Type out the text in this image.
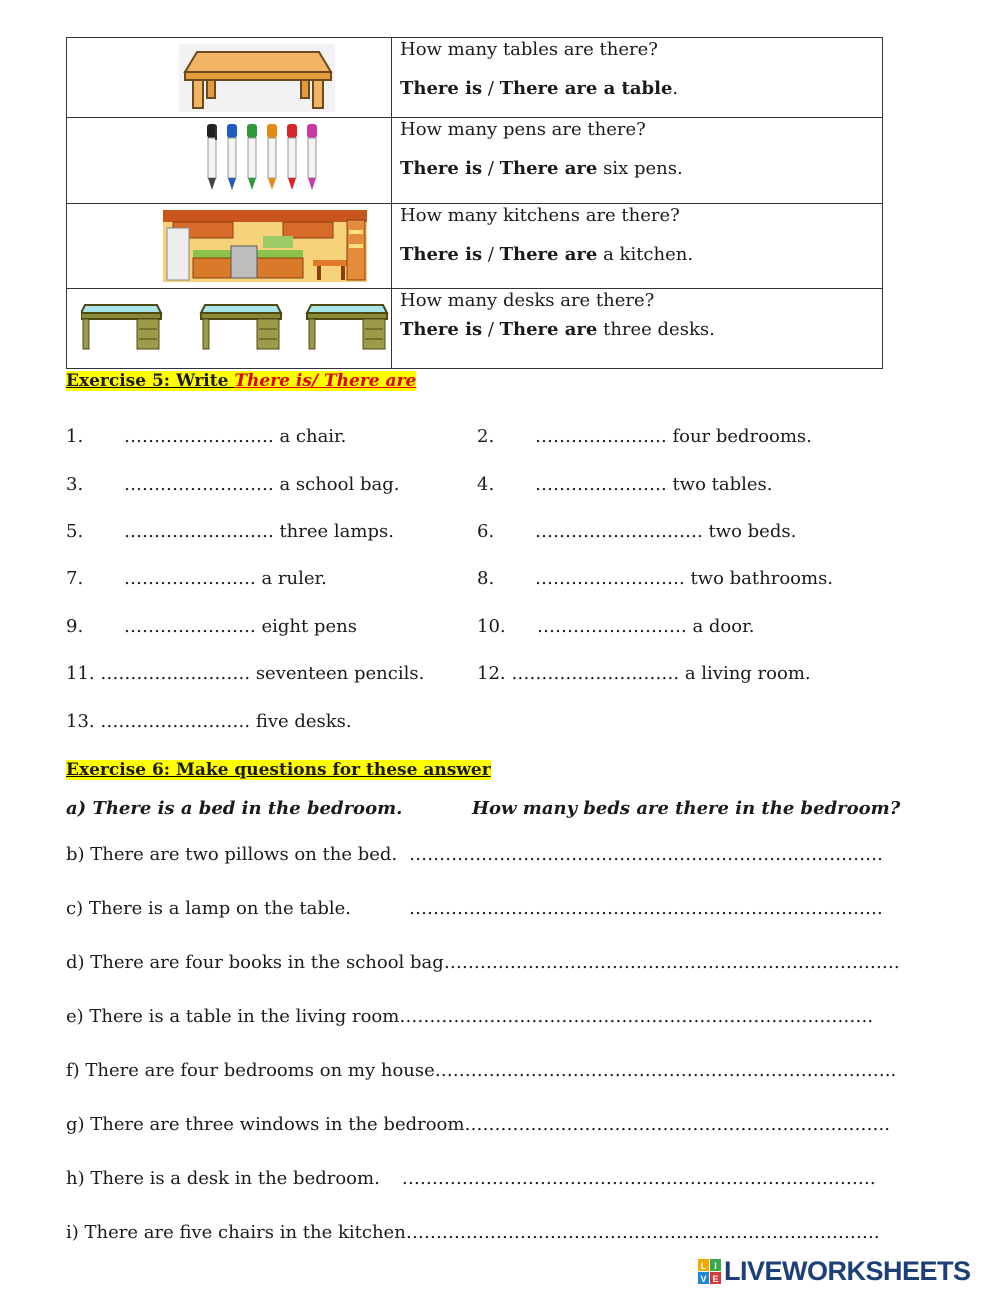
How many tables are there?
There is / There are a table.

How many pens are there?
There is / There are six pens.

How many kitchens are there?
There is / There are a kitchen.

How many desks are there?
There is / There are three desks.
Exercise 5: Write There is/ There are
1. ……………………. a chair.	2. …………………. four bedrooms.
3. ……………………. a school bag.	4. …………………. two tables.
5. ……………………. three lamps.	6. ………………………. two beds.
7. …………………. a ruler.	8. ……………………. two bathrooms.
9. …………………. eight pens	10. ……………………. a door.
11. ……………………. seventeen pencils.	12. ………………………. a living room.
13. ……………………. five desks.
Exercise 6: Make questions for these answer
a) There is a bed in the bedroom.	How many beds are there in the bedroom?
b) There are two pillows on the bed. …………………………………………………………………….
c) There is a lamp on the table.	…………………………………………………………………….
d) There are four books in the school bag………………………………………………………………….
e) There is a table in the living room…………………………………………………………………….
f) There are four bedrooms on my house…………………………………………………………………..
g) There are three windows in the bedroom……………………………………………………………..
h) There is a desk in the bedroom. …………………………………………………………………….
i) There are five chairs in the kitchen…………………………………………………………………….
L I
V E LIVEWORKSHEETS
